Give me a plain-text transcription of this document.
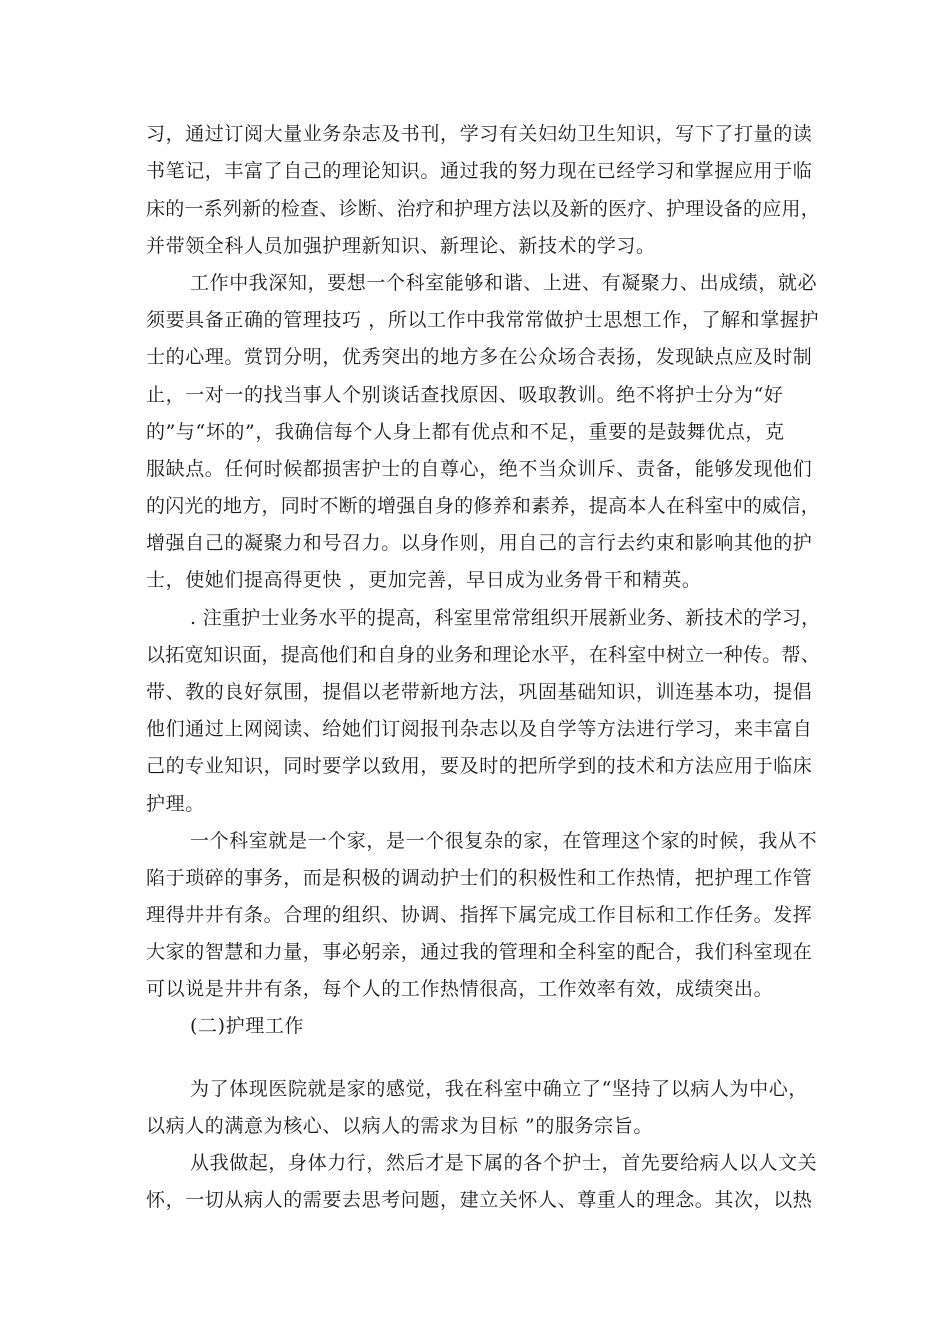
习，通过订阅大量业务杂志及书刊，学习有关妇幼卫生知识，写下了打量的读
书笔记，丰富了自己的理论知识。通过我的努力现在已经学习和掌握应用于临
床的一系列新的检查、诊断、治疗和护理方法以及新的医疗、护理设备的应用，
并带领全科人员加强护理新知识、新理论、新技术的学习。
工作中我深知，要想一个科室能够和谐、上进、有凝聚力、出成绩，就必
须要具备正确的管理技巧 ，所以工作中我常常做护士思想工作，了解和掌握护
士的心理。赏罚分明，优秀突出的地方多在公众场合表扬，发现缺点应及时制
止，一对一的找当事人个别谈话查找原因、吸取教训。绝不将护士分为“好
的”与“坏的”，我确信每个人身上都有优点和不足，重要的是鼓舞优点，克
服缺点。任何时候都损害护士的自尊心，绝不当众训斥、责备，能够发现他们
的闪光的地方，同时不断的增强自身的修养和素养，提高本人在科室中的威信，
增强自己的凝聚力和号召力。以身作则，用自己的言行去约束和影响其他的护
士，使她们提高得更快 ，更加完善，早日成为业务骨干和精英。
. 注重护士业务水平的提高，科室里常常组织开展新业务、新技术的学习，
以拓宽知识面，提高他们和自身的业务和理论水平，在科室中树立一种传。帮、
带、教的良好氛围，提倡以老带新地方法，巩固基础知识，训连基本功，提倡
他们通过上网阅读、给她们订阅报刊杂志以及自学等方法进行学习，来丰富自
己的专业知识，同时要学以致用，要及时的把所学到的技术和方法应用于临床
护理。
一个科室就是一个家，是一个很复杂的家，在管理这个家的时候，我从不
陷于琐碎的事务，而是积极的调动护士们的积极性和工作热情，把护理工作管
理得井井有条。合理的组织、协调、指挥下属完成工作目标和工作任务。发挥
大家的智慧和力量，事必躬亲，通过我的管理和全科室的配合，我们科室现在
可以说是井井有条，每个人的工作热情很高，工作效率有效，成绩突出。
(二)护理工作
为了体现医院就是家的感觉，我在科室中确立了“坚持了以病人为中心，
以病人的满意为核心、以病人的需求为目标 ”的服务宗旨。
从我做起，身体力行，然后才是下属的各个护士，首先要给病人以人文关
怀，一切从病人的需要去思考问题，建立关怀人、尊重人的理念。其次，以热
